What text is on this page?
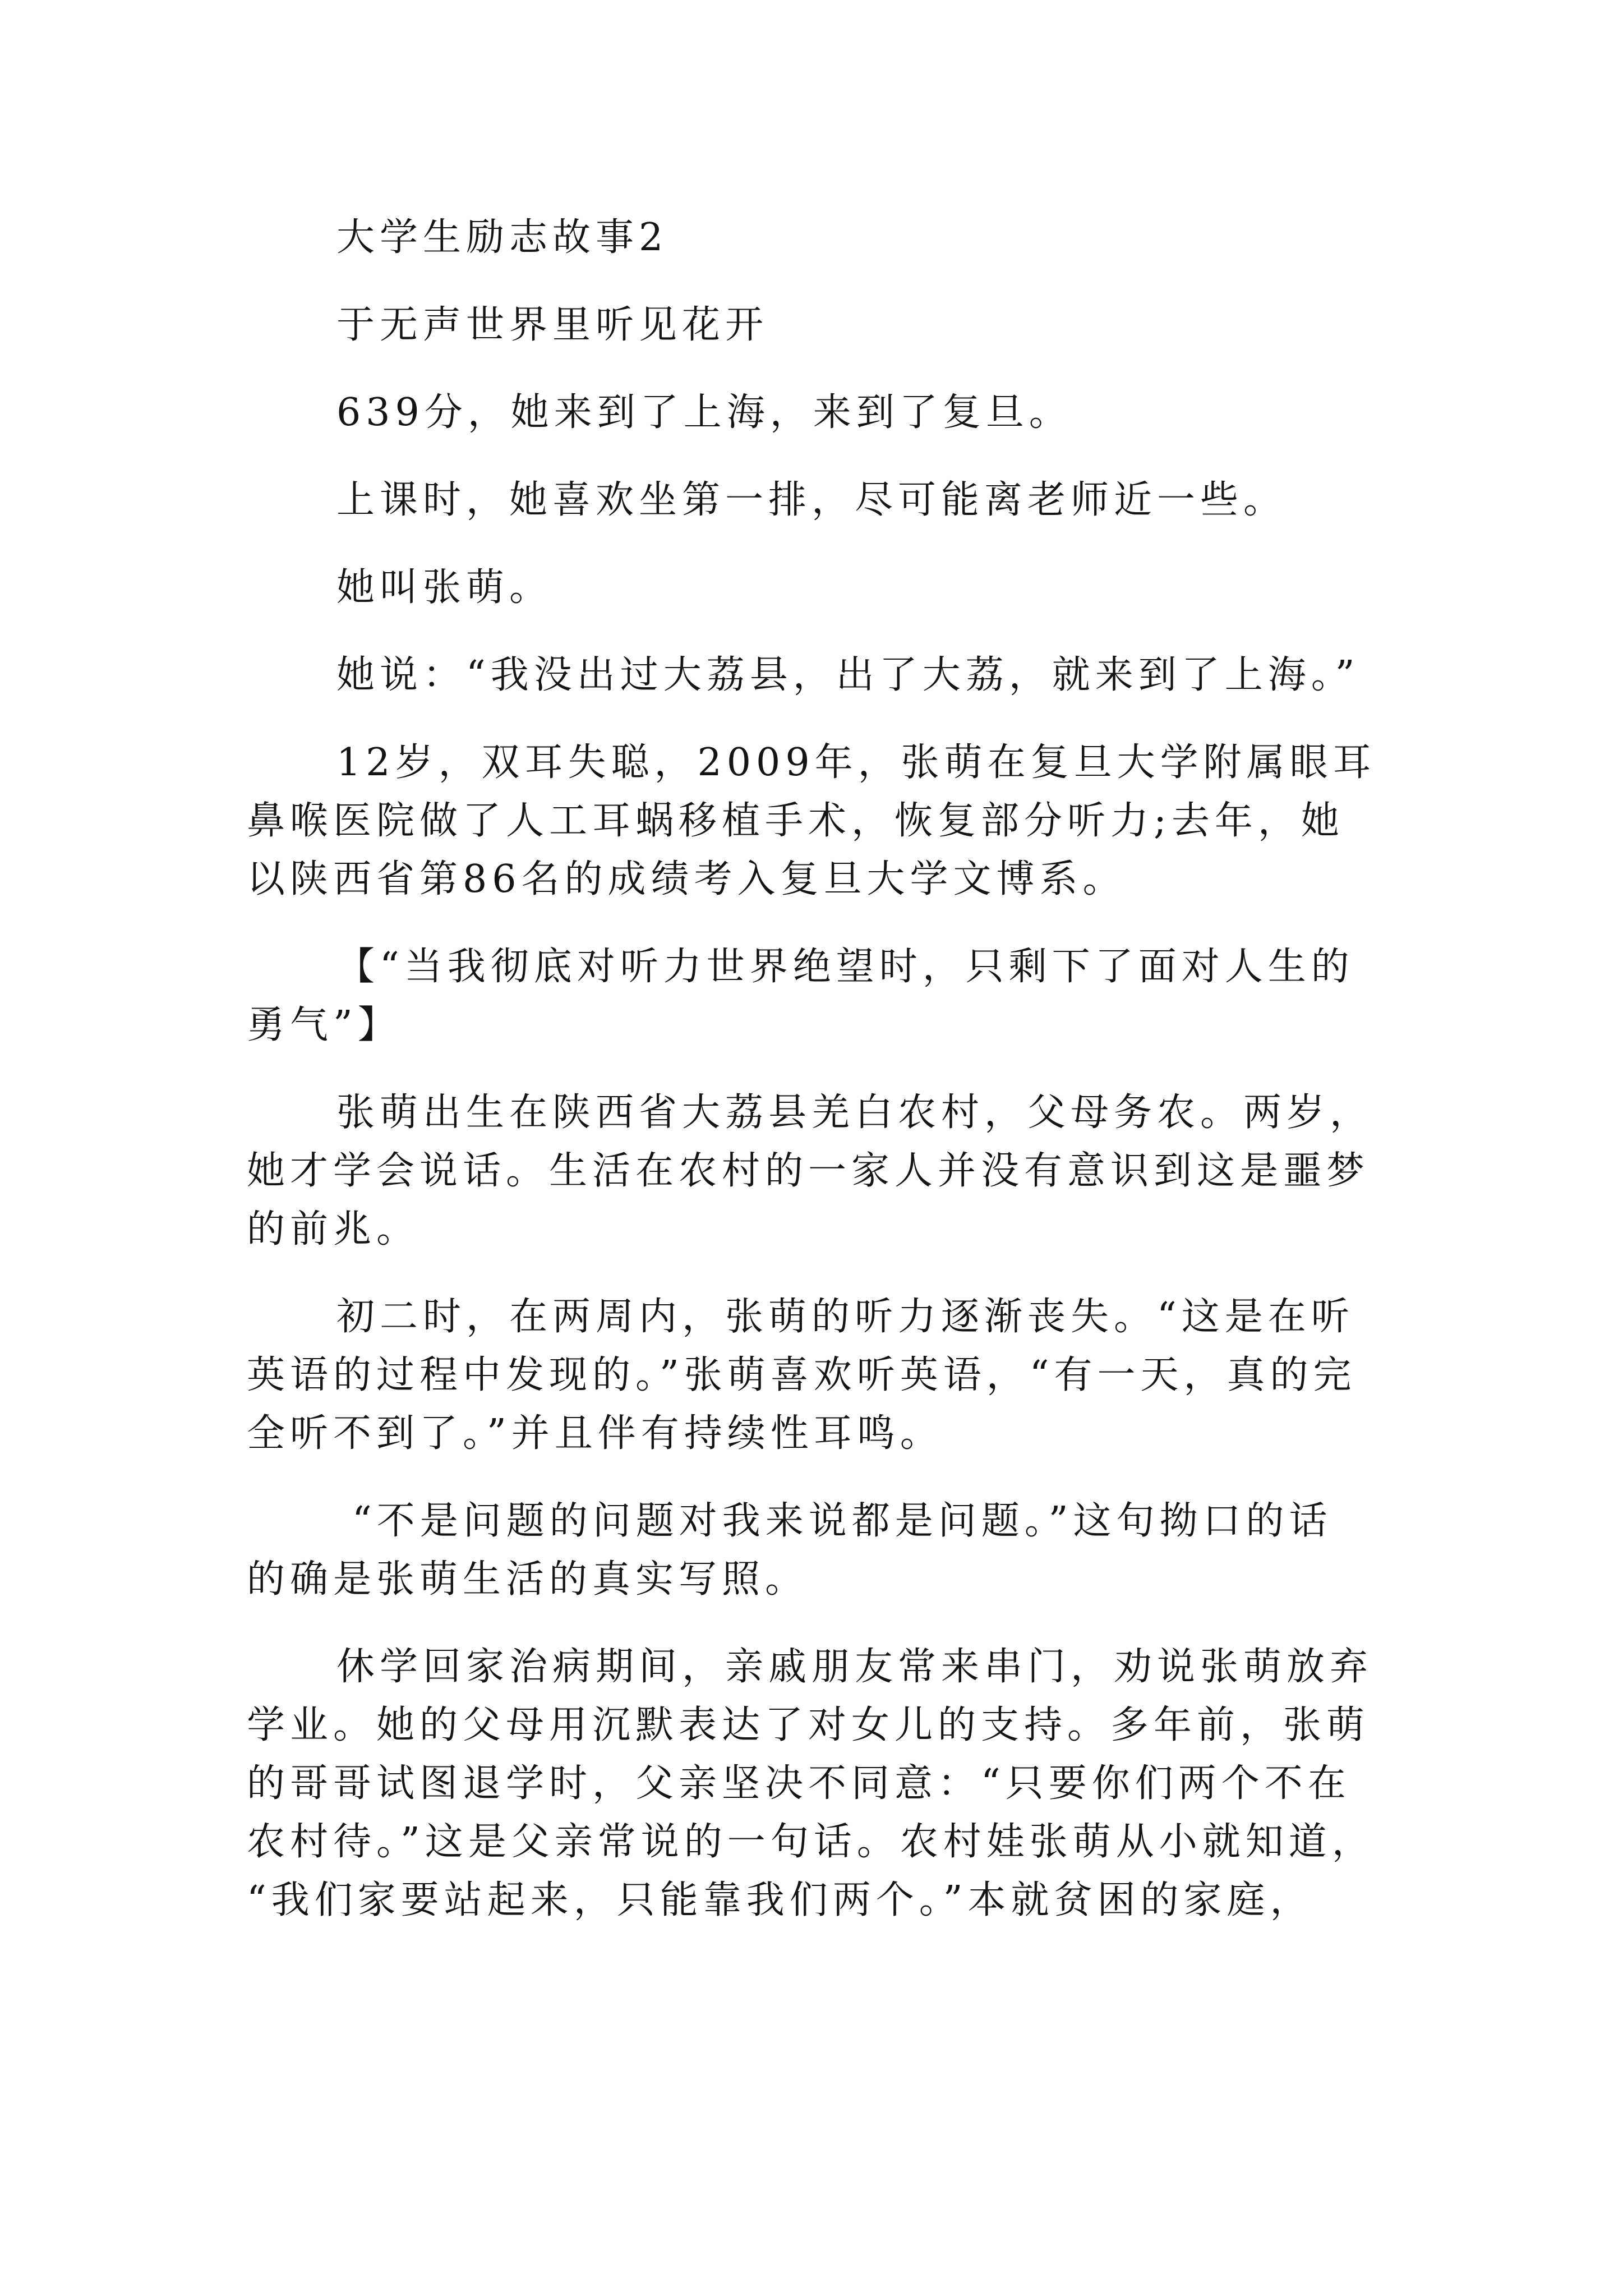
大学生励志故事2
于无声世界里听见花开
639分，她来到了上海，来到了复旦。
上课时，她喜欢坐第一排，尽可能离老师近一些。
她叫张萌。
她说：“我没出过大荔县，出了大荔，就来到了上海。”
12岁，双耳失聪，2009年，张萌在复旦大学附属眼耳
鼻喉医院做了人工耳蜗移植手术，恢复部分听力;去年，她
以陕西省第86名的成绩考入复旦大学文博系。
【“当我彻底对听力世界绝望时，只剩下了面对人生的
勇气”】
张萌出生在陕西省大荔县羌白农村，父母务农。两岁，
她才学会说话。生活在农村的一家人并没有意识到这是噩梦
的前兆。
初二时，在两周内，张萌的听力逐渐丧失。“这是在听
英语的过程中发现的。”张萌喜欢听英语，“有一天，真的完
全听不到了。”并且伴有持续性耳鸣。
“不是问题的问题对我来说都是问题。”这句拗口的话
的确是张萌生活的真实写照。
休学回家治病期间，亲戚朋友常来串门，劝说张萌放弃
学业。她的父母用沉默表达了对女儿的支持。多年前，张萌
的哥哥试图退学时，父亲坚决不同意：“只要你们两个不在
农村待。”这是父亲常说的一句话。农村娃张萌从小就知道，
“我们家要站起来，只能靠我们两个。”本就贫困的家庭，
